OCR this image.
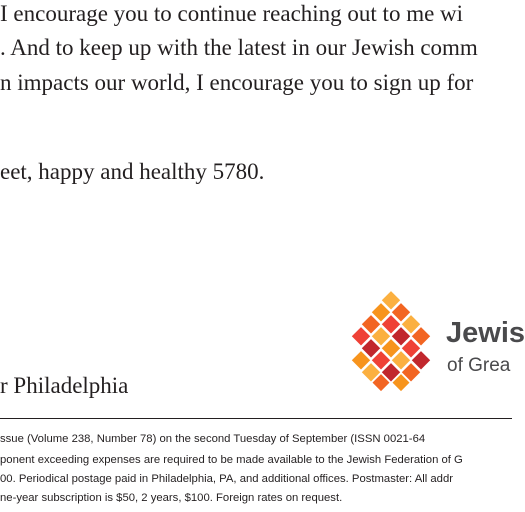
I encourage you to continue reaching out to me wi
. And to keep up with the latest in our Jewish comm
n impacts our world, I encourage you to sign up for
eet, happy and healthy 5780.
r Philadelphia
Jewis
of Grea
ssue (Volume 238, Number 78) on the second Tuesday of September (ISSN 0021-64
ponent exceeding expenses are required to be made available to the Jewish Federation of G
00. Periodical postage paid in Philadelphia, PA, and additional offices. Postmaster: All addr
ne-year subscription is $50, 2 years, $100. Foreign rates on request.
